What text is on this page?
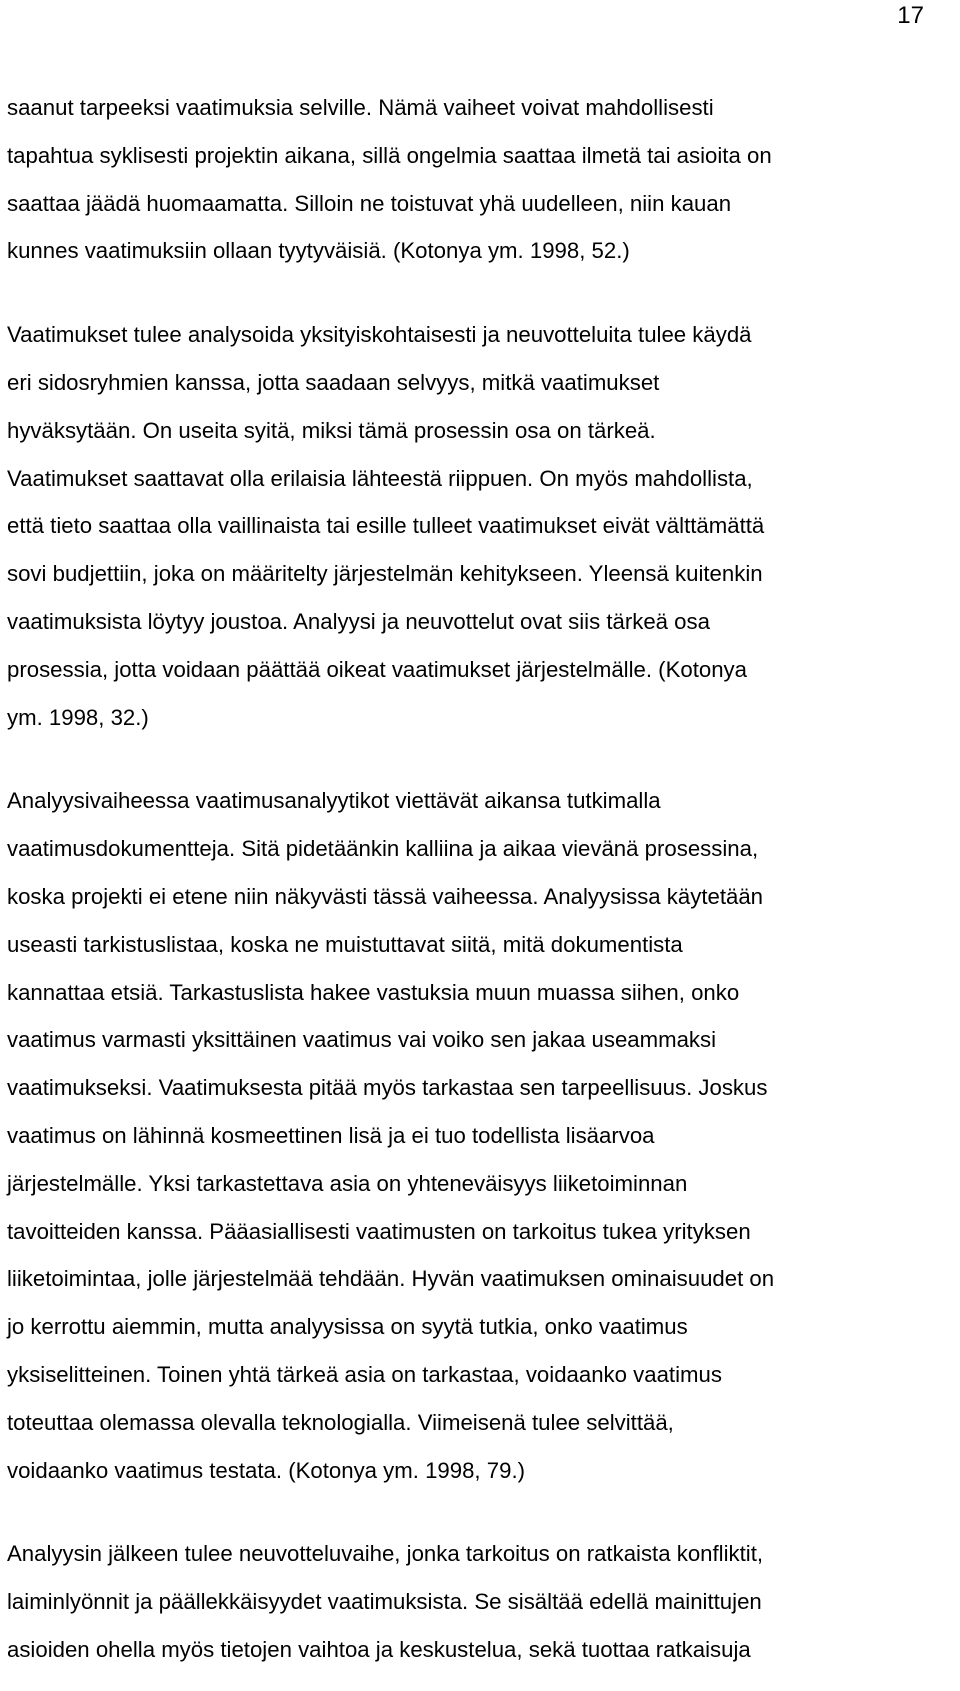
17

saanut tarpeeksi vaatimuksia selville. Nämä vaiheet voivat mahdollisesti
tapahtua syklisesti projektin aikana, sillä ongelmia saattaa ilmetä tai asioita on
saattaa jäädä huomaamatta. Silloin ne toistuvat yhä uudelleen, niin kauan
kunnes vaatimuksiin ollaan tyytyväisiä. (Kotonya ym. 1998, 52.)

Vaatimukset tulee analysoida yksityiskohtaisesti ja neuvotteluita tulee käydä
eri sidosryhmien kanssa, jotta saadaan selvyys, mitkä vaatimukset
hyväksytään. On useita syitä, miksi tämä prosessin osa on tärkeä.
Vaatimukset saattavat olla erilaisia lähteestä riippuen. On myös mahdollista,
että tieto saattaa olla vaillinaista tai esille tulleet vaatimukset eivät välttämättä
sovi budjettiin, joka on määritelty järjestelmän kehitykseen. Yleensä kuitenkin
vaatimuksista löytyy joustoa. Analyysi ja neuvottelut ovat siis tärkeä osa
prosessia, jotta voidaan päättää oikeat vaatimukset järjestelmälle. (Kotonya
ym. 1998, 32.)

Analyysivaiheessa vaatimusanalyytikot viettävät aikansa tutkimalla
vaatimusdokumentteja. Sitä pidetäänkin kalliina ja aikaa vievänä prosessina,
koska projekti ei etene niin näkyvästi tässä vaiheessa. Analyysissa käytetään
useasti tarkistuslistaa, koska ne muistuttavat siitä, mitä dokumentista
kannattaa etsiä. Tarkastuslista hakee vastuksia muun muassa siihen, onko
vaatimus varmasti yksittäinen vaatimus vai voiko sen jakaa useammaksi
vaatimukseksi. Vaatimuksesta pitää myös tarkastaa sen tarpeellisuus. Joskus
vaatimus on lähinnä kosmeettinen lisä ja ei tuo todellista lisäarvoa
järjestelmälle. Yksi tarkastettava asia on yhteneväisyys liiketoiminnan
tavoitteiden kanssa. Pääasiallisesti vaatimusten on tarkoitus tukea yrityksen
liiketoimintaa, jolle järjestelmää tehdään. Hyvän vaatimuksen ominaisuudet on
jo kerrottu aiemmin, mutta analyysissa on syytä tutkia, onko vaatimus
yksiselitteinen. Toinen yhtä tärkeä asia on tarkastaa, voidaanko vaatimus
toteuttaa olemassa olevalla teknologialla. Viimeisenä tulee selvittää,
voidaanko vaatimus testata. (Kotonya ym. 1998, 79.)

Analyysin jälkeen tulee neuvotteluvaihe, jonka tarkoitus on ratkaista konfliktit,
laiminlyönnit ja päällekkäisyydet vaatimuksista. Se sisältää edellä mainittujen
asioiden ohella myös tietojen vaihtoa ja keskustelua, sekä tuottaa ratkaisuja
